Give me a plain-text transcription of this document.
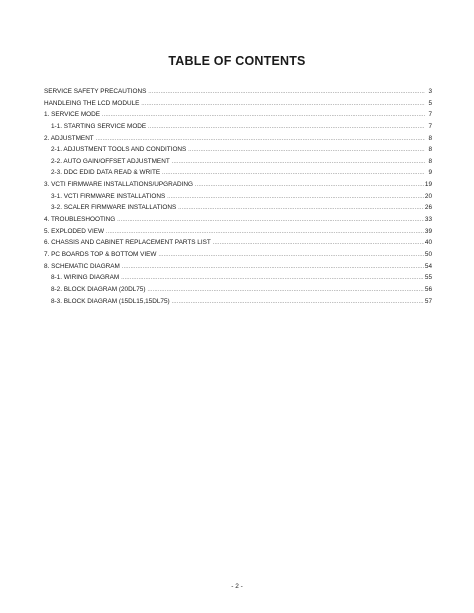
TABLE OF CONTENTS
SERVICE SAFETY PRECAUTIONS .....	3
HANDLEING THE LCD MODULE .....	5
1. SERVICE MODE .....	7
1-1. STARTING SERVICE MODE .....	7
2. ADJUSTMENT .....	8
2-1. ADJUSTMENT TOOLS AND CONDITIONS .....	8
2-2. AUTO GAIN/OFFSET ADJUSTMENT .....	8
2-3. DDC EDID DATA READ & WRITE .....	9
3. VCTI FIRMWARE INSTALLATIONS/UPGRADING .....	19
3-1. VCTI FIRMWARE INSTALLATIONS .....	20
3-2. SCALER FIRMWARE INSTALLATIONS .....	26
4. TROUBLESHOOTING .....	33
5. EXPLODED VIEW .....	39
6. CHASSIS AND CABINET REPLACEMENT PARTS LIST .....	40
7. PC BOARDS TOP & BOTTOM VIEW .....	50
8. SCHEMATIC DIAGRAM .....	54
8-1. WIRING DIAGRAM .....	55
8-2. BLOCK DIAGRAM (20DL75) .....	56
8-3. BLOCK DIAGRAM (15DL15,15DL75) .....	57
- 2 -
